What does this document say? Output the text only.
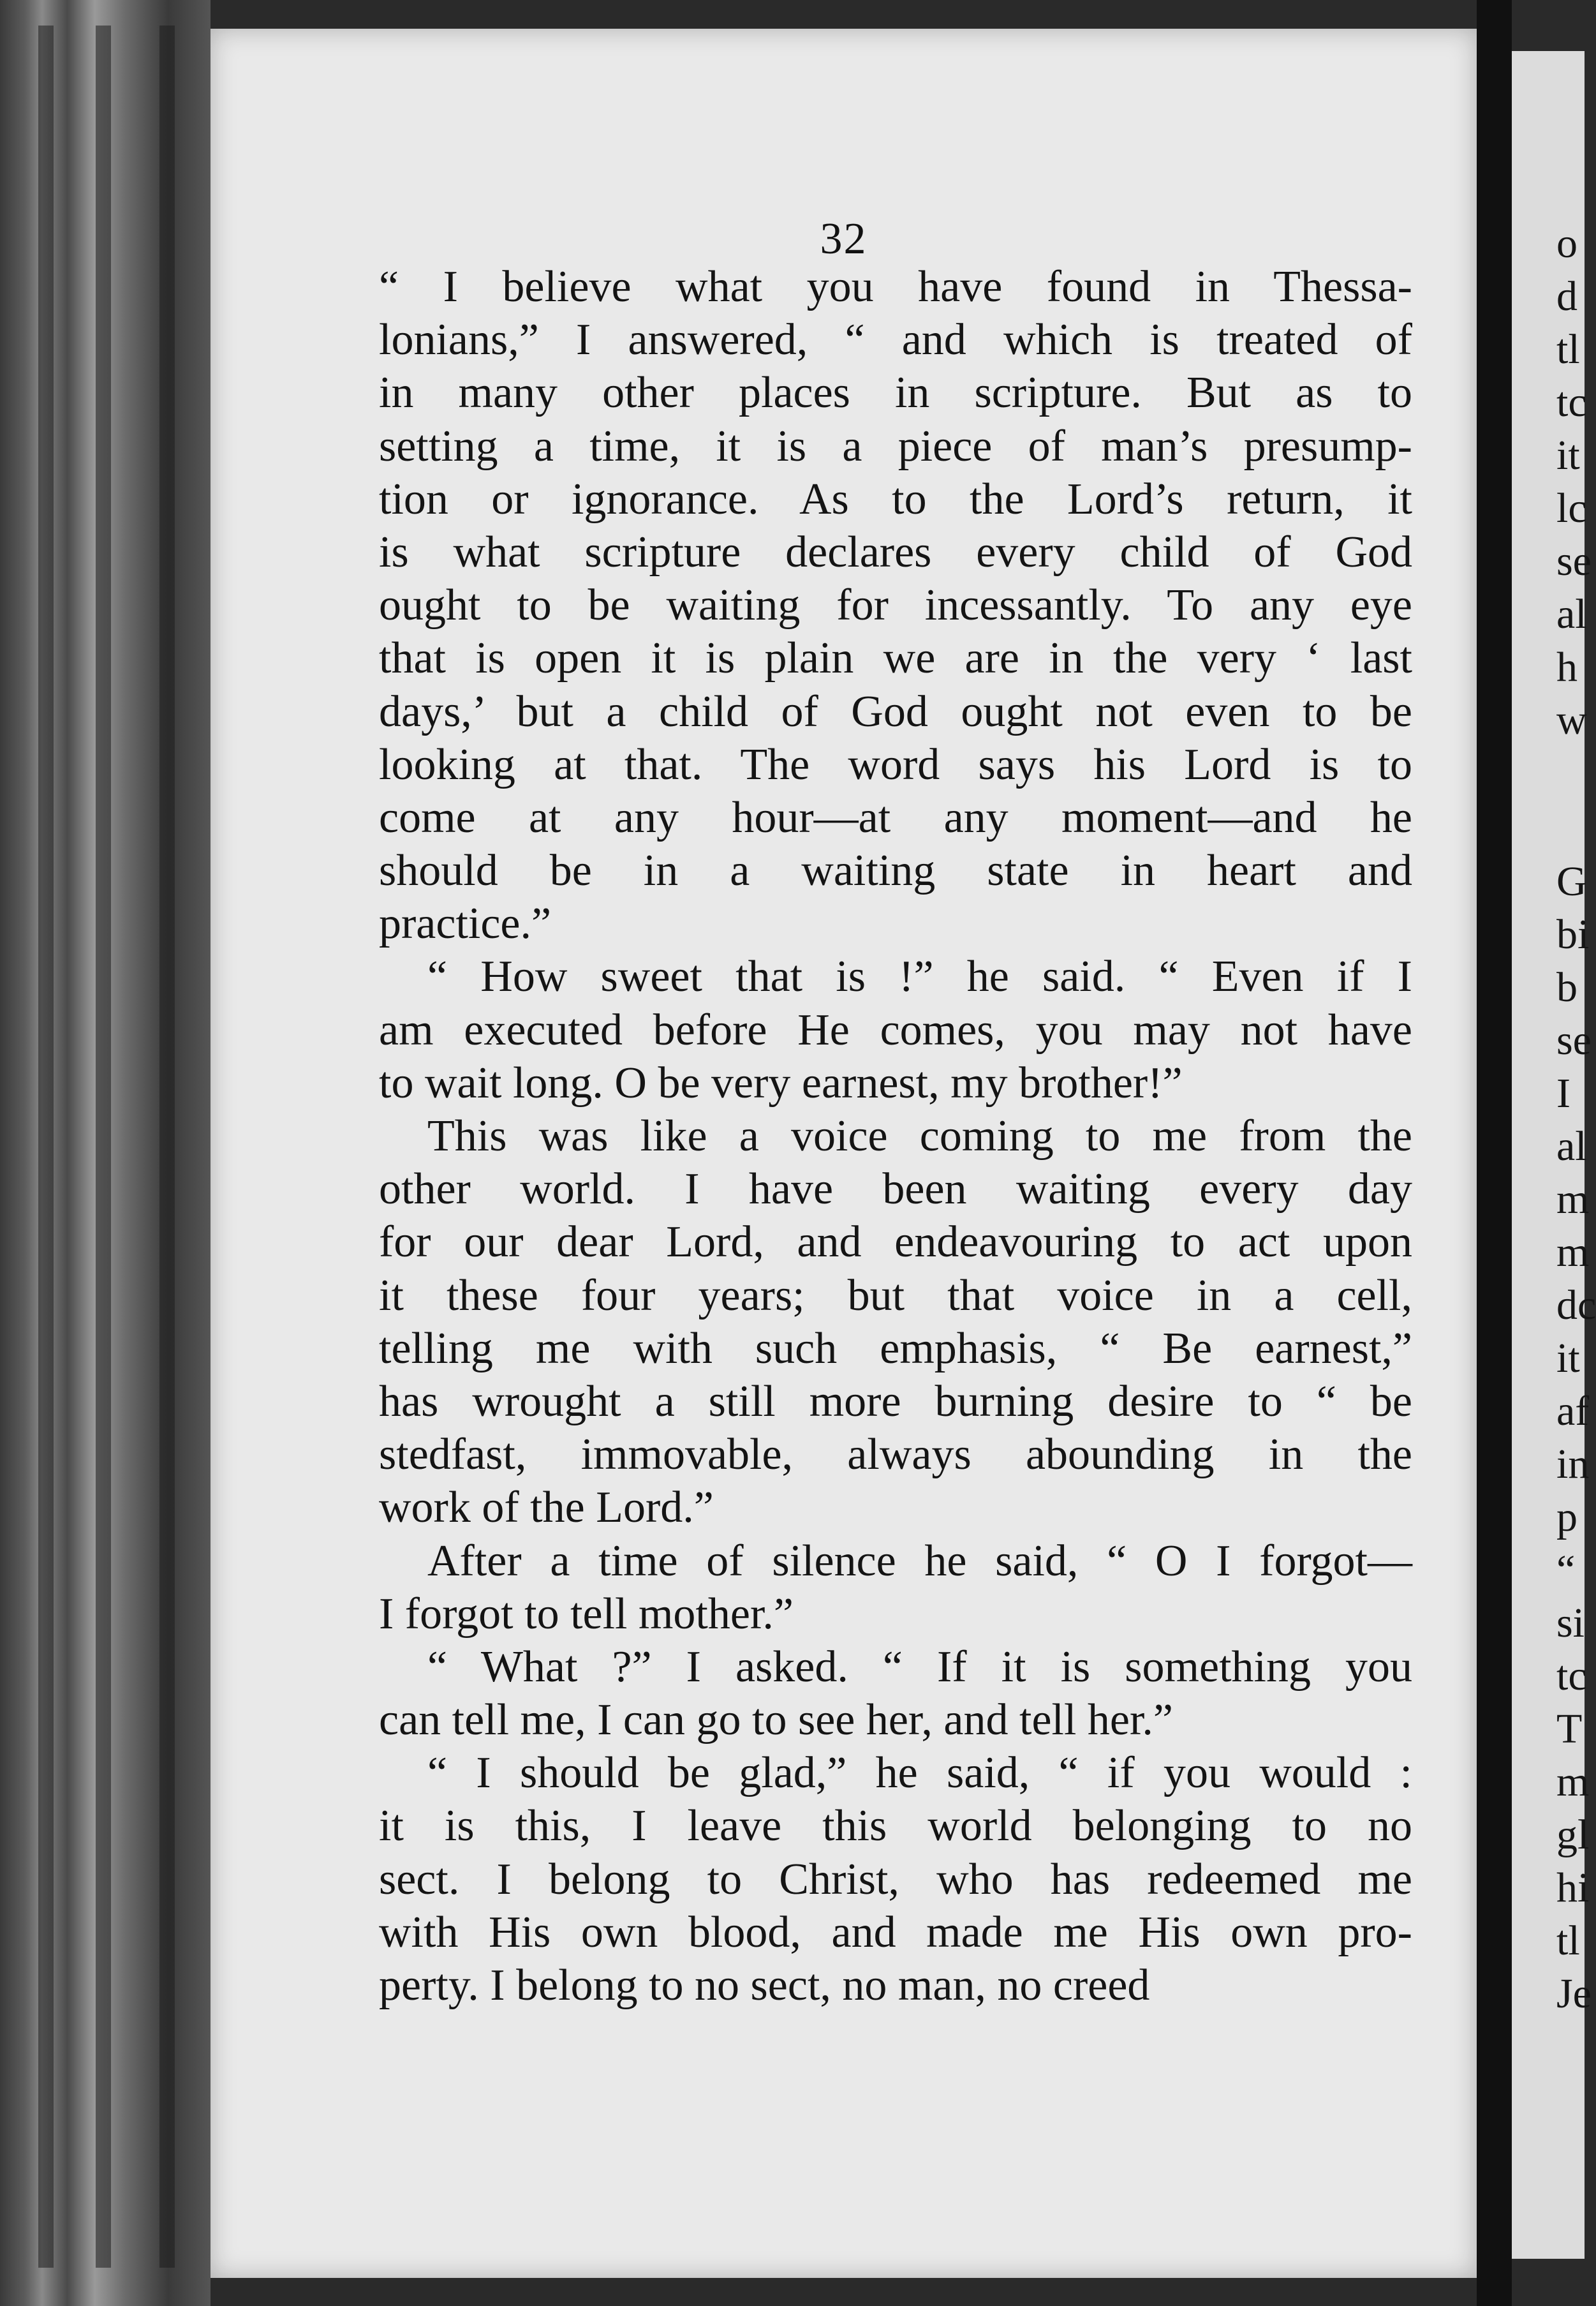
32
“ I believe what you have found in Thessa-
lonians,” I answered, “ and which is treated of
in many other places in scripture. But as to
setting a time, it is a piece of man’s presump-
tion or ignorance. As to the Lord’s return, it
is what scripture declares every child of God
ought to be waiting for incessantly. To any eye
that is open it is plain we are in the very ‘ last
days,’ but a child of God ought not even to be
looking at that. The word says his Lord is to
come at any hour—at any moment—and he
should be in a waiting state in heart and
practice.”
“ How sweet that is !” he said. “ Even if I
am executed before He comes, you may not have
to wait long. O be very earnest, my brother!”
This was like a voice coming to me from the
other world. I have been waiting every day
for our dear Lord, and endeavouring to act upon
it these four years; but that voice in a cell,
telling me with such emphasis, “ Be earnest,”
has wrought a still more burning desire to “ be
stedfast, immovable, always abounding in the
work of the Lord.”
After a time of silence he said, “ O I forgot—
I forgot to tell mother.”
“ What ?” I asked. “ If it is something you
can tell me, I can go to see her, and tell her.”
“ I should be glad,” he said, “ if you would :
it is this, I leave this world belonging to no
sect. I belong to Christ, who has redeemed me
with His own blood, and made me His own pro-
perty. I belong to no sect, no man, no creed
o
d
tl
tc
it
lc
se
al
h
w
G
bi
b
se
I
al
m
m
dc
it
af
in
p
“
si
tc
T
m
gl
hi
tl
Je
